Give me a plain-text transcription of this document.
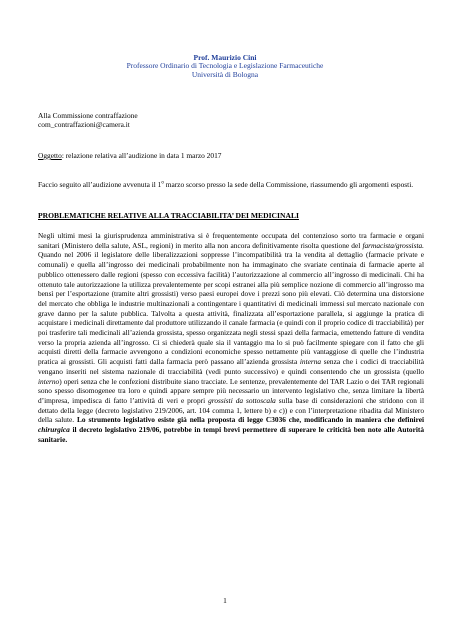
Prof. Maurizio Cini
Professore Ordinario di Tecnologia e Legislazione Farmaceutiche
Università di Bologna
Alla Commissione contraffazione
com_contraffazioni@camera.it
Oggetto: relazione relativa all’audizione in data 1 marzo 2017
Faccio seguito all’audizione avvenuta il 1$^o$ marzo scorso presso la sede della Commissione, riassumendo gli argomenti esposti.
PROBLEMATICHE RELATIVE ALLA TRACCIABILITA’ DEI MEDICINALI
Negli ultimi mesi la giurisprudenza amministrativa si è frequentemente occupata del contenzioso sorto tra farmacie e organi sanitari (Ministero della salute, ASL, regioni) in merito alla non ancora definitivamente risolta questione del farmacista/grossista. Quando nel 2006 il legislatore delle liberalizzazioni soppresse l’incompatibilità tra la vendita al dettaglio (farmacie private e comunali) e quella all’ingrosso dei medicinali probabilmente non ha immaginato che svariate centinaia di farmacie aperte al pubblico ottenessero dalle regioni (spesso con eccessiva facilità) l’autorizzazione al commercio all’ingrosso di medicinali. Chi ha ottenuto tale autorizzazione la utilizza prevalentemente per scopi estranei alla più semplice nozione di commercio all’ingrosso ma bensì per l’esportazione (tramite altri grossisti) verso paesi europei dove i prezzi sono più elevati. Ciò determina una distorsione del mercato che obbliga le industrie multinazionali a contingentare i quantitativi di medicinali immessi sul mercato nazionale con grave danno per la salute pubblica. Talvolta a questa attività, finalizzata all’esportazione parallela, si aggiunge la pratica di acquistare i medicinali direttamente dal produttore utilizzando il canale farmacia (e quindi con il proprio codice di tracciabilità) per poi trasferire tali medicinali all’azienda grossista, spesso organizzata negli stessi spazi della farmacia, emettendo fatture di vendita verso la propria azienda all’ingrosso. Ci si chiederà quale sia il vantaggio ma lo si può facilmente spiegare con il fatto che gli acquisti diretti della farmacie avvengono a condizioni economiche spesso nettamente più vantaggiose di quelle che l’industria pratica ai grossisti. Gli acquisti fatti dalla farmacia però passano all’azienda grossista interna senza che i codici di tracciabilità vengano inseriti nel sistema nazionale di tracciabilità (vedi punto successivo) e quindi consentendo che un grossista (quello interno) operi senza che le confezioni distribuite siano tracciate. Le sentenze, prevalentemente del TAR Lazio o dei TAR regionali sono spesso disomogenee tra loro e quindi appare sempre più necessario un intervento legislativo che, senza limitare la libertà d’impresa, impedisca di fatto l’attività di veri e propri grossisti da sottoscala sulla base di considerazioni che stridono con il dettato della legge (decreto legislativo 219/2006, art. 104 comma 1, lettere b) e c)) e con l’interpretazione ribadita dal Ministero della salute. Lo strumento legislativo esiste già nella proposta di legge C3036 che, modificando in maniera che definirei chirurgica il decreto legislativo 219/06, potrebbe in tempi brevi permettere di superare le criticità ben note alle Autorità sanitarie.
1
